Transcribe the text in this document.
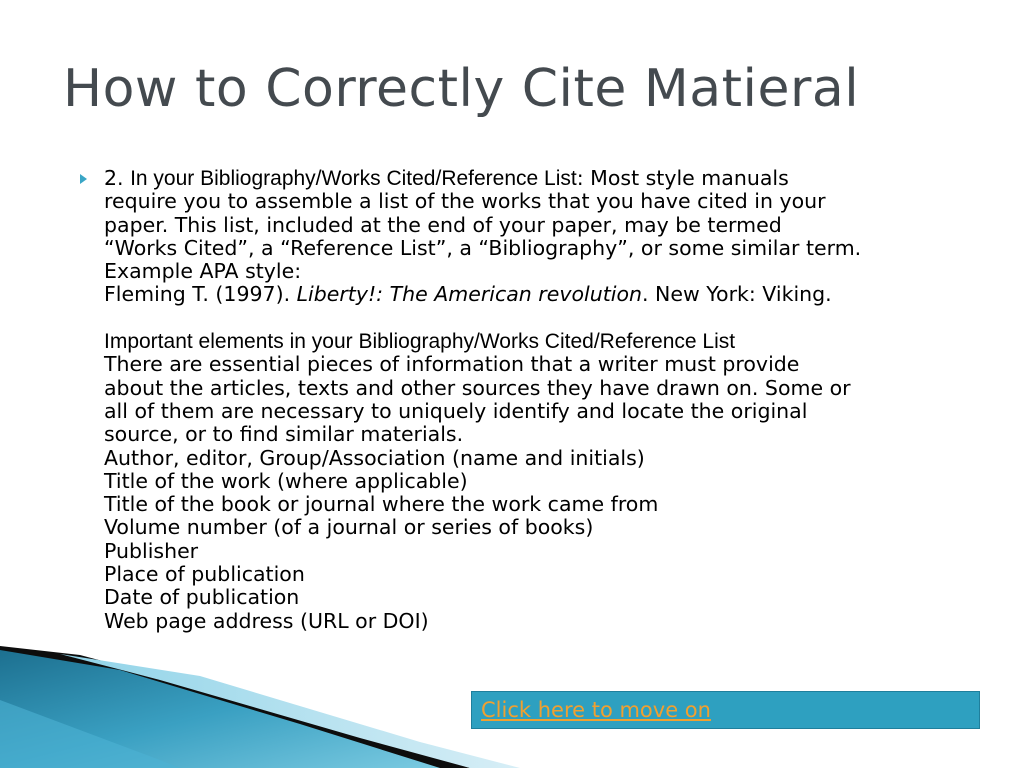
How to Correctly Cite Matieral
2. In your Bibliography/Works Cited/Reference List: Most style manuals
require you to assemble a list of the works that you have cited in your
paper. This list, included at the end of your paper, may be termed
“Works Cited”, a “Reference List”, a “Bibliography”, or some similar term.
Example APA style:
Fleming T. (1997). Liberty!: The American revolution. New York: Viking.
Important elements in your Bibliography/Works Cited/Reference List
There are essential pieces of information that a writer must provide
about the articles, texts and other sources they have drawn on. Some or
all of them are necessary to uniquely identify and locate the original
source, or to find similar materials.
Author, editor, Group/Association (name and initials)
Title of the work (where applicable)
Title of the book or journal where the work came from
Volume number (of a journal or series of books)
Publisher
Place of publication
Date of publication
Web page address (URL or DOI)
Click here to move on
